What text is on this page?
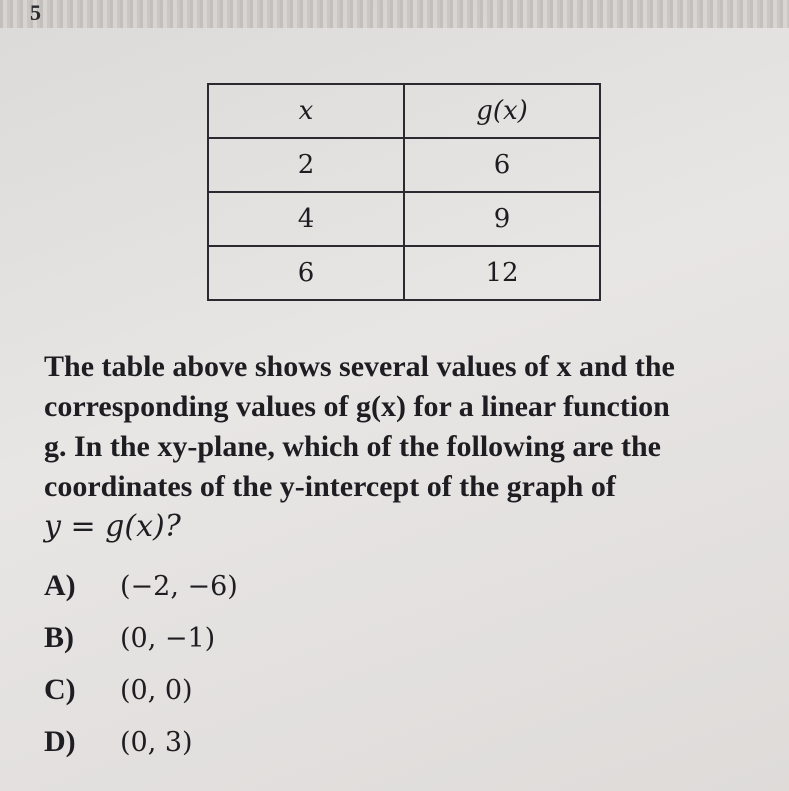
5
x	g(x)
2	6
4	9
6	12
The table above shows several values of x and the
corresponding values of g(x) for a linear function
g. In the xy-plane, which of the following are the
coordinates of the y-intercept of the graph of
y = g(x)?
A)	(−2, −6)
B)	(0, −1)
C)	(0, 0)
D)	(0, 3)
